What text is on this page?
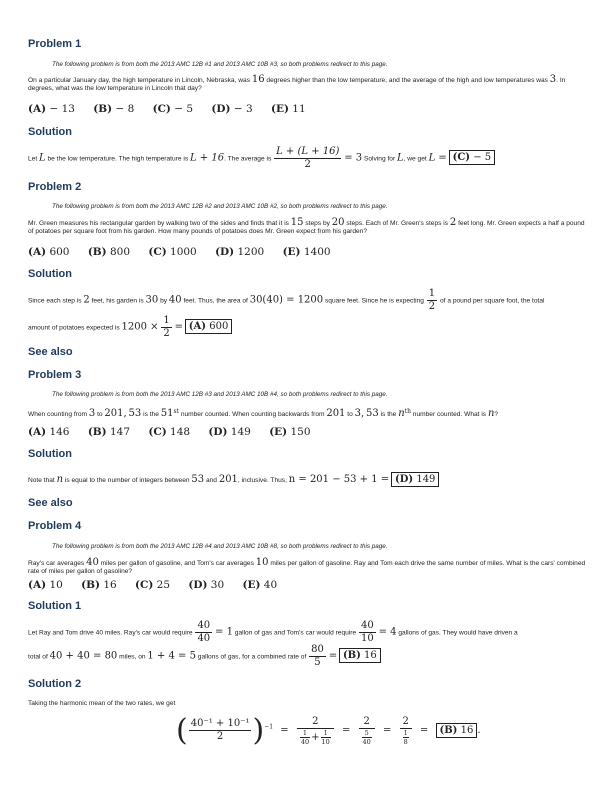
Problem 1

The following problem is from both the 2013 AMC 12B #1 and 2013 AMC 10B #3, so both problems redirect to this page.

On a particular January day, the high temperature in Lincoln, Nebraska, was 16 degrees higher than the low temperature, and the average of the high and low temperatures was 3. In degrees, what was the low temperature in Lincoln that day?

(A) − 13 (B) − 8 (C) − 5 (D) − 3 (E) 11
Solution

Let L be the low temperature. The high temperature is L + 16. The average is $\frac{L + (L + 16)}{2} = 3$ Solving for L, we get L = (C) − 5

Problem 2

The following problem is from both the 2013 AMC 12B #2 and 2013 AMC 10B #2, so both problems redirect to this page.

Mr. Green measures his rectangular garden by walking two of the sides and finds that it is 15 steps by 20 steps. Each of Mr. Green's steps is 2 feet long. Mr. Green expects a half a pound of potatoes per square foot from his garden. How many pounds of potatoes does Mr. Green expect from his garden?

(A) 600 (B) 800 (C) 1000 (D) 1200 (E) 1400
Solution

Since each step is 2 feet, his garden is 30 by 40 feet. Thus, the area of 30(40) = 1200 square feet. Since he is expecting $\frac{1}{2}$ of a pound per square foot, the total

amount of potatoes expected is $1200 \times \frac{1}{2} = (A)$ 600

See also
Problem 3

The following problem is from both the 2013 AMC 12B #3 and 2013 AMC 10B #4, so both problems redirect to this page.

When counting from 3 to 201, 53 is the 51st number counted. When counting backwards from 201 to 3, 53 is the nth number counted. What is n?

(A) 146 (B) 147 (C) 148 (D) 149 (E) 150
Solution

Note that n is equal to the number of integers between 53 and 201, inclusive. Thus, n = 201 − 53 + 1 = (D) 149

See also
Problem 4

The following problem is from both the 2013 AMC 12B #4 and 2013 AMC 10B #8, so both problems redirect to this page.

Ray's car averages 40 miles per gallon of gasoline, and Tom's car averages 10 miles per gallon of gasoline. Ray and Tom each drive the same number of miles. What is the cars' combined rate of miles per gallon of gasoline?

(A) 10 (B) 16 (C) 25 (D) 30 (E) 40
Solution 1

Let Ray and Tom drive 40 miles. Ray's car would require $\frac{40}{40} = 1$ gallon of gas and Tom's car would require $\frac{40}{10} = 4$ gallons of gas. They would have driven a

total of 40 + 40 = 80 miles, on 1 + 4 = 5 gallons of gas, for a combined rate of $\frac{80}{5} = (B)$ 16

Solution 2

Taking the harmonic mean of the two rates, we get

( $\frac{\text{40⁻¹ + 10⁻¹}}{2} )^{-1} = \frac{2}{\frac{1}{40} + \frac{1}{10}} = \frac{2}{\frac{5}{40}} = \frac{2}{\frac{1}{8}} = (B)$ 16 .
